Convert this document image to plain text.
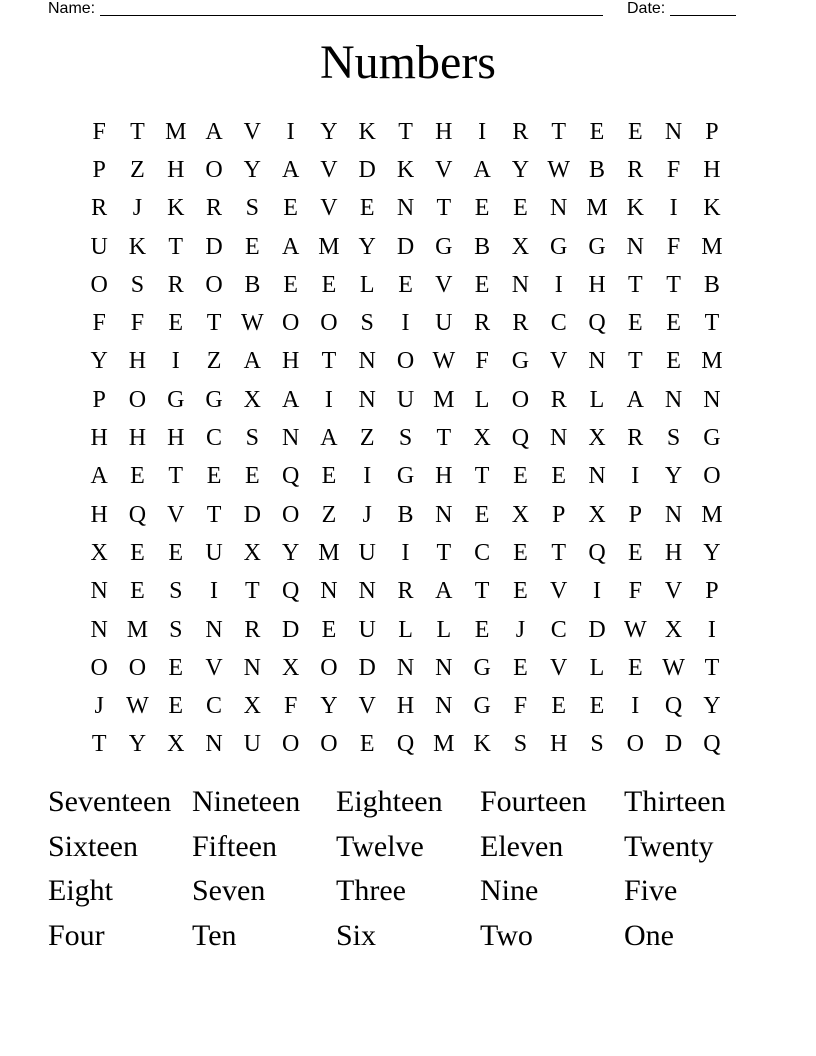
Name:	Date:
Numbers
F	T M A V	I	Y K T H	I	R T E E N P
P	Z H O Y A V D K V A Y W B R F H
R	J	K R S	E V E N T E E N M K	I	K
U K T D E A M Y D G B X G G N F M
O S R O B E E L E V E N	I	H T T B
F	F	E T W O O S	I	U R R C Q E E T
Y H	I	Z A H T N O W F G V N T E M
P O G G X A	I	N U M L O R L A N N
H H H C S N A Z	S	T X Q N X R S G
A E T E E Q E	I	G H T E E N	I	Y O
H Q V T D O Z	J	B N E X P X P N M
X E E U X Y M U	I	T C E T Q E H Y
N E	S	I	T Q N N R A T E V	I	F V P
N M S N R D E U L L E	J	C D W X	I
O O E V N X O D N N G E V L E W T
J W E C X F Y V H N G F	E E	I	Q Y
T Y X N U O O E Q M K S H S O D Q
Seventeen Nineteen	Eighteen	Fourteen	Thirteen
Sixteen	Fifteen	Twelve	Eleven	Twenty
Eight	Seven	Three	Nine	Five
Four	Ten	Six	Two	One
